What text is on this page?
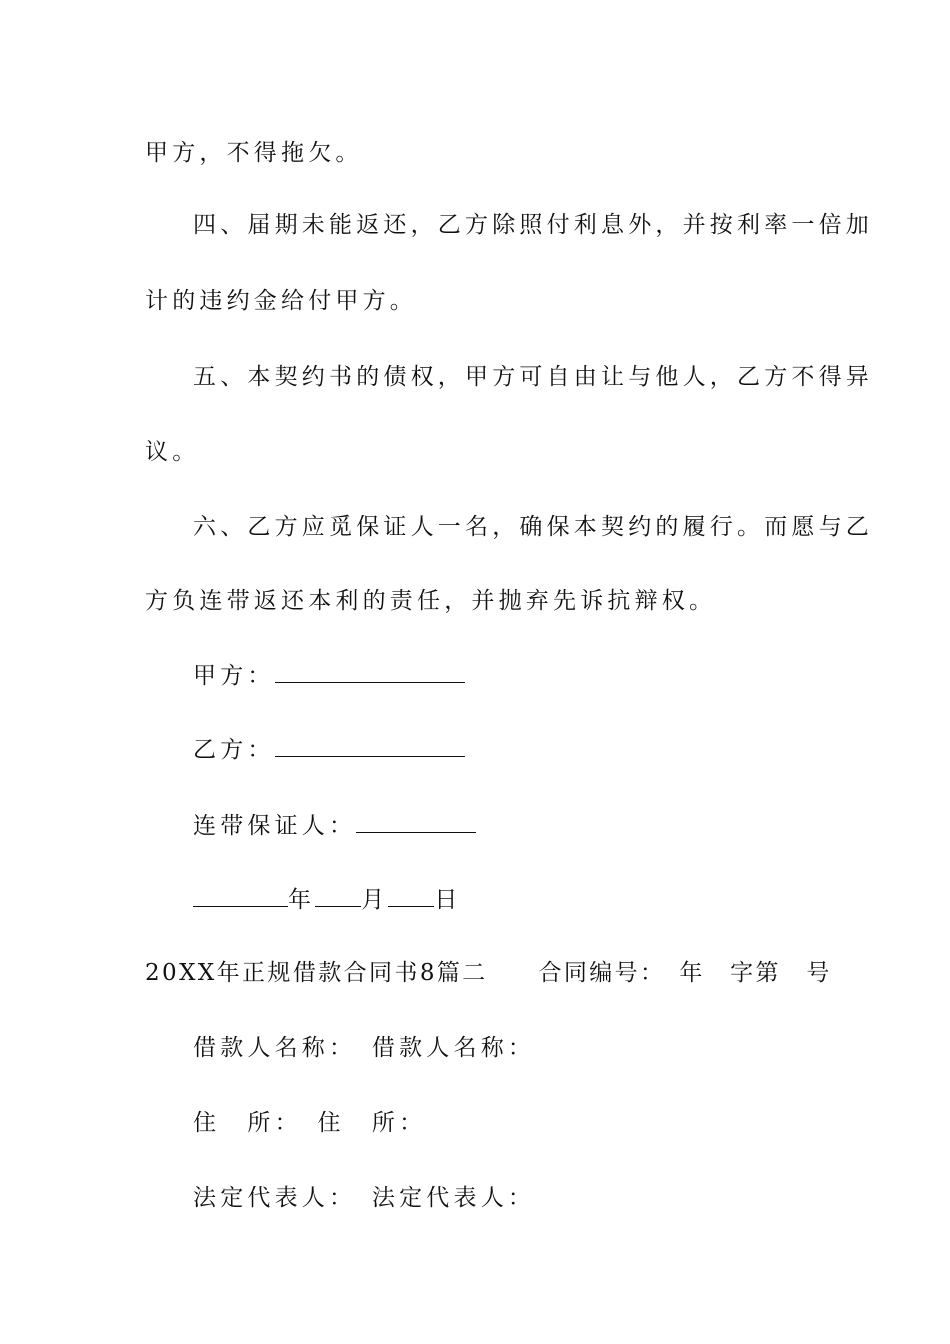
甲方，不得拖欠。
四、届期未能返还，乙方除照付利息外，并按利率一倍加
计的违约金给付甲方。
五、本契约书的债权，甲方可自由让与他人，乙方不得异
议。
六、乙方应觅保证人一名，确保本契约的履行。而愿与乙
方负连带返还本利的责任，并抛弃先诉抗辩权。
甲方：
乙方：
连带保证人：
年 月 日
20XX年正规借款合同书8篇二　　合同编号：　年　字第　号
借款人名称：　借款人名称：
住　所：　住　所：
法定代表人：　法定代表人：
